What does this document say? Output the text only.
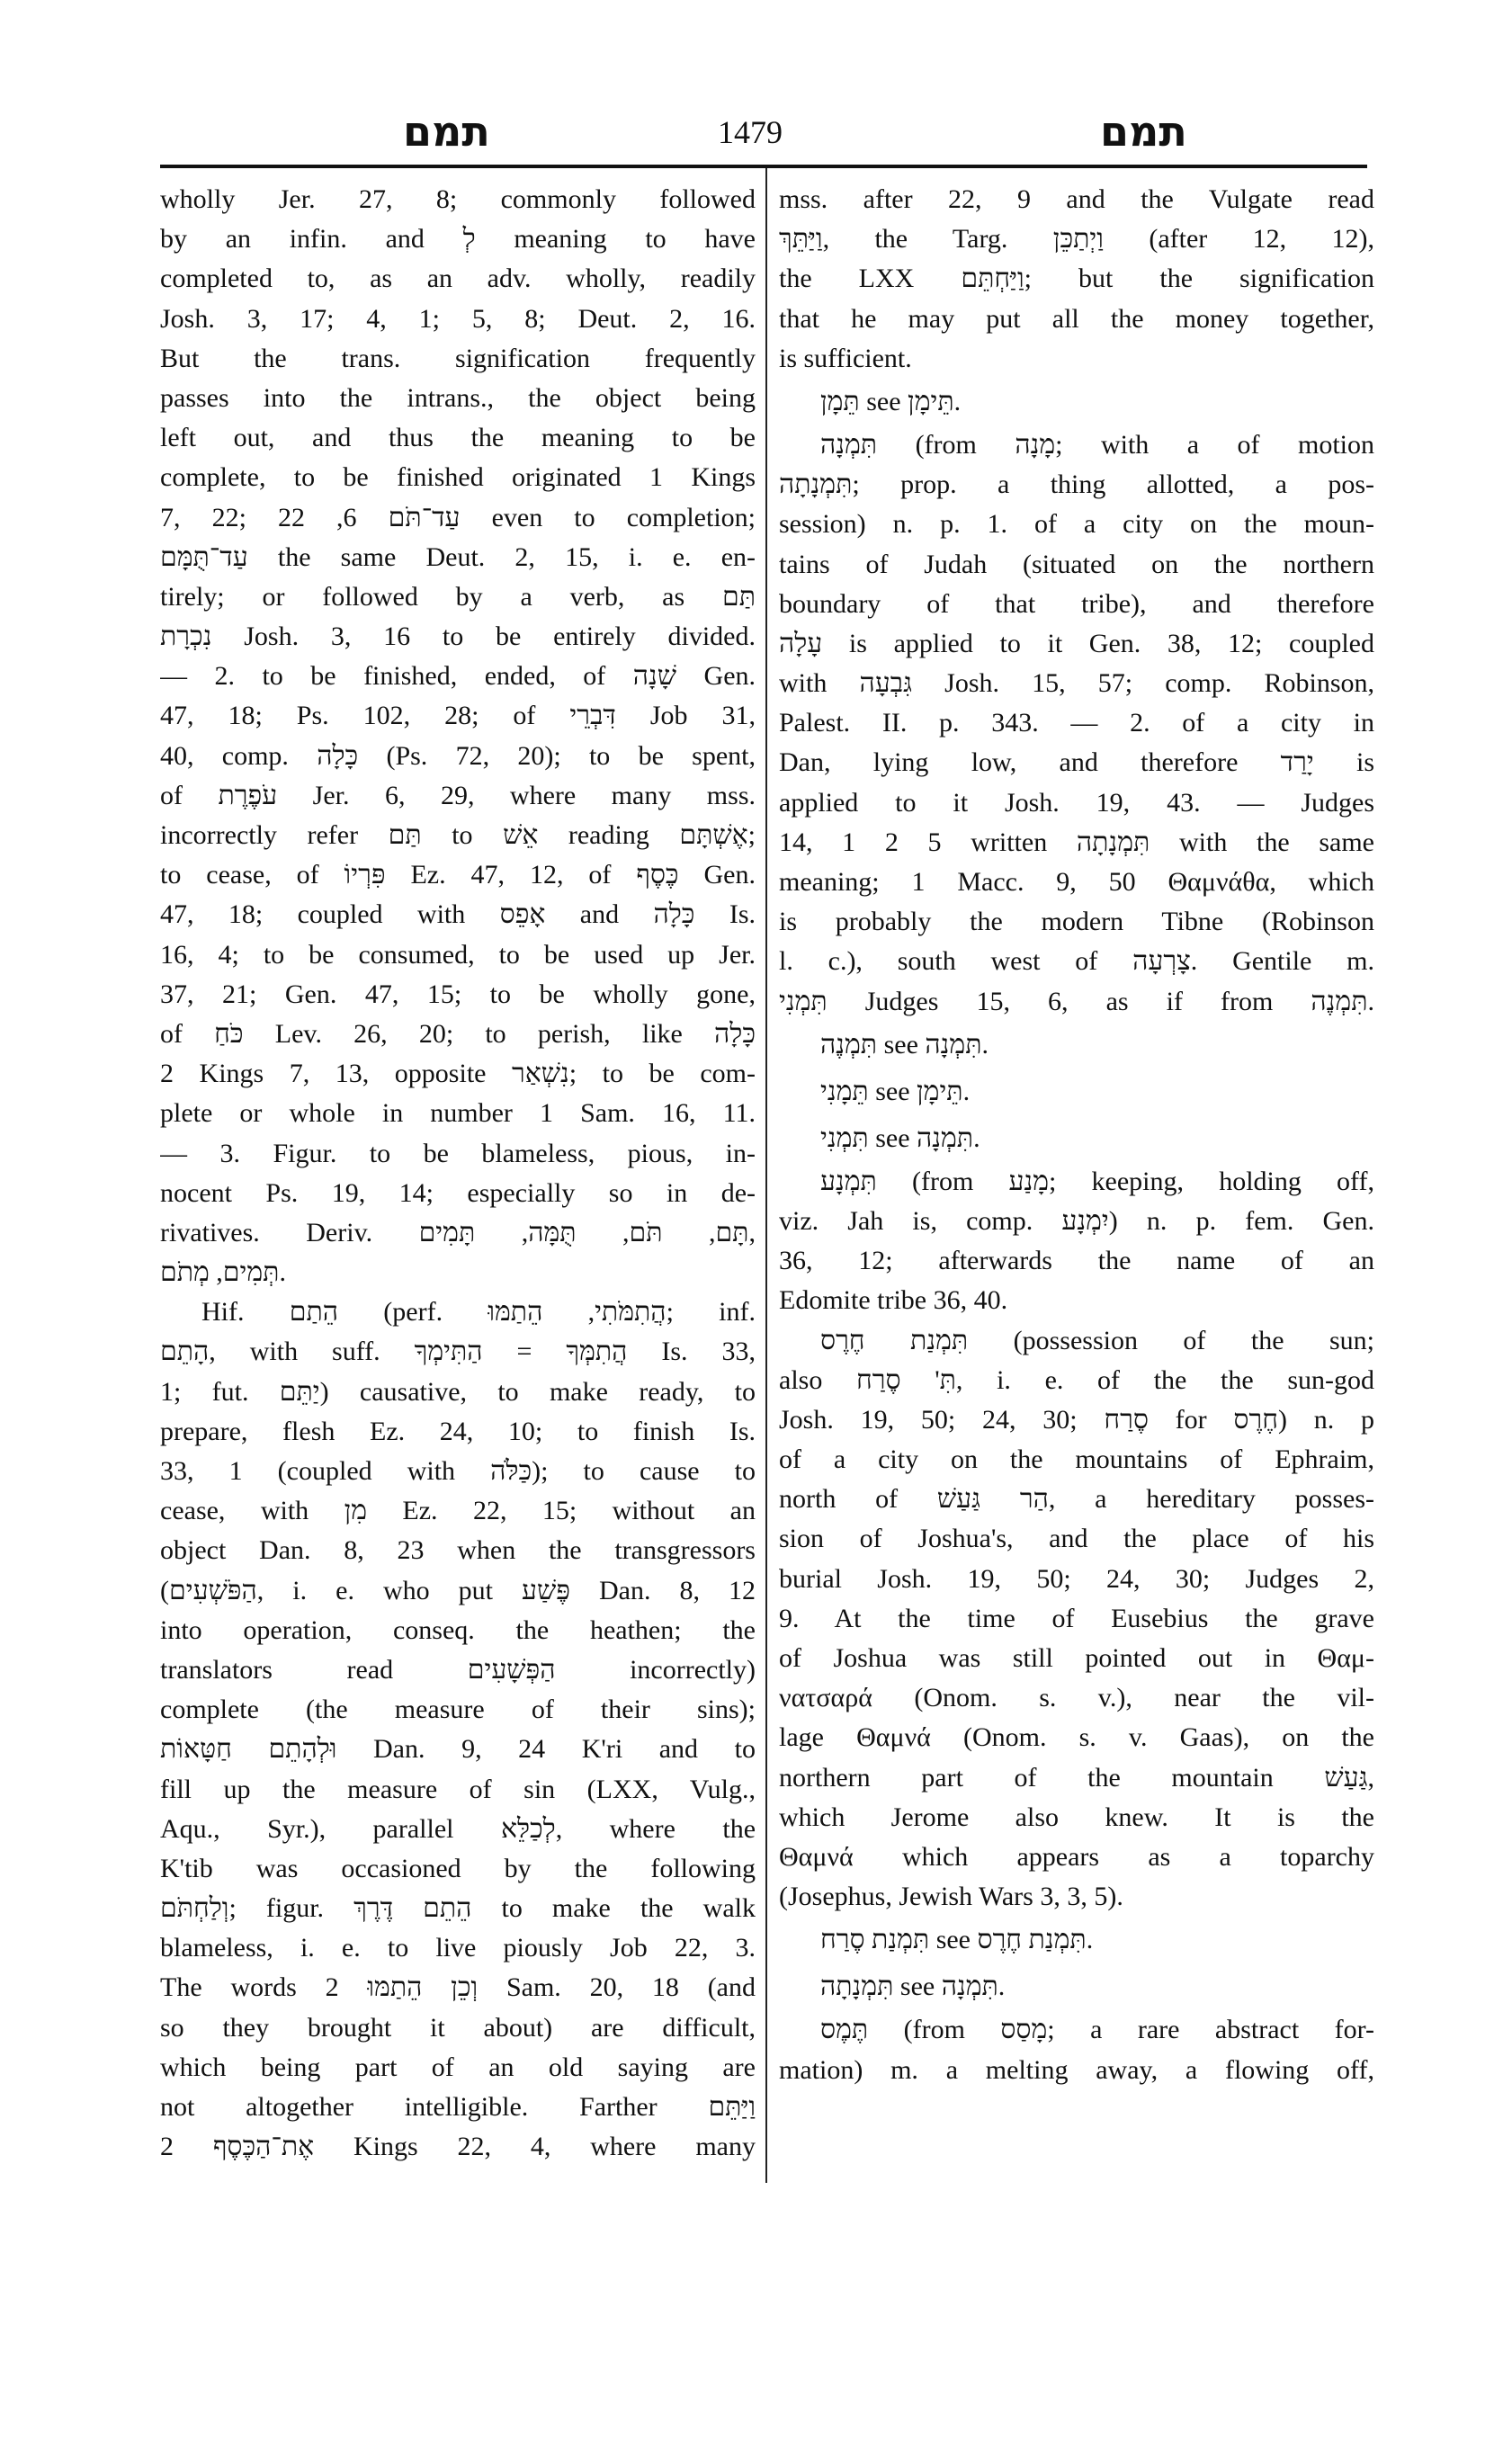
תמם	1479	תמם
wholly Jer. 27, 8; commonly followed
by an infin. and לְ meaning to have
completed to, as an adv. wholly, readily
Josh. 3, 17; 4, 1; 5, 8; Deut. 2, 16.
But the trans. signification frequently
passes into the intrans., the object being
left out, and thus the meaning to be
complete, to be finished originated 1 Kings
7, 22; עַד־תֹּם 6, 22 even to completion;
עַד־תֻּמָּם the same Deut. 2, 15, i. e. en-
tirely; or followed by a verb, as תַּם
נִכְרָת Josh. 3, 16 to be entirely divided.
— 2. to be finished, ended, of שָׁנָה Gen.
47, 18; Ps. 102, 28; of דִּבְרֵי Job 31,
40, comp. כָּלָה (Ps. 72, 20); to be spent,
of עֹפֶרֶת Jer. 6, 29, where many mss.
incorrectly refer תַּם to אֵשׁ reading אֶשְׁתָּם;
to cease, of פִּרְיוֹ Ez. 47, 12, of כֶּסֶף Gen.
47, 18; coupled with אָפֵס and כָּלָה Is.
16, 4; to be consumed, to be used up Jer.
37, 21; Gen. 47, 15; to be wholly gone,
of כֹּחַ Lev. 26, 20; to perish, like כָּלָה
2 Kings 7, 13, opposite נִשְׁאַר; to be com-
plete or whole in number 1 Sam. 16, 11.
— 3. Figur. to be blameless, pious, in-
nocent Ps. 19, 14; especially so in de-
rivatives. Deriv. תָּם, תֹּם, תֻּמָּה, תָּמִים,
תְּמִים, מְתֹם.
Hif. הֵתַם (perf. הֲתִמֹּתִי, הֵתַמּוּ; inf.
הָתֵם, with suff. הֲתִמְּךָ = הַתִּימְךָ Is. 33,
1; fut. יַתֵּם) causative, to make ready, to
prepare, flesh Ez. 24, 10; to finish Is.
33, 1 (coupled with כַּלֹּה); to cause to
cease, with מִן Ez. 22, 15; without an
object Dan. 8, 23 when the transgressors
(הַפֹּשְׁעִים, i. e. who put פֶּשַׁע Dan. 8, 12
into operation, conseq. the heathen; the
translators read הַפְּשָׁעִים incorrectly)
complete (the measure of their sins);
וּלְהָתֵם חַטָּאוֹת Dan. 9, 24 K'ri and to
fill up the measure of sin (LXX, Vulg.,
Aqu., Syr.), parallel לְכַלֵּא, where the
K'tib was occasioned by the following
וְלַחְתֹּם; figur. הֵתֵם דֶּרֶךְ to make the walk
blameless, i. e. to live piously Job 22, 3.
The words וְכֵן הֵתַמּוּ 2 Sam. 20, 18 (and
so they brought it about) are difficult,
which being part of an old saying are
not altogether intelligible. Farther וַיַּתֵּם
אֶת־הַכֶּסֶף 2 Kings 22, 4, where many
mss. after 22, 9 and the Vulgate read
וַיַּתֵּךְ, the Targ. וַיְתַכֵּן (after 12, 12),
the LXX וַיַּחְתֵּם; but the signification
that he may put all the money together,
is sufficient.
תֵּמָן see תֵּימָן.
תִּמְנָה (from מָנָה; with a of motion
תִּמְנָתָה; prop. a thing allotted, a pos-
session) n. p. 1. of a city on the moun-
tains of Judah (situated on the northern
boundary of that tribe), and therefore
עָלָה is applied to it Gen. 38, 12; coupled
with גִּבְעָה Josh. 15, 57; comp. Robinson,
Palest. II. p. 343. — 2. of a city in
Dan, lying low, and therefore יָרַד is
applied to it Josh. 19, 43. — Judges
14, 1 2 5 written תִּמְנָתָה with the same
meaning; 1 Macc. 9, 50 Θαμνάθα, which
is probably the modern Tibne (Robinson
l. c.), south west of צָרְעָה. Gentile m.
תִּמְנִי Judges 15, 6, as if from תִּמְנֶה.
תִּמְנֶה see תִּמְנָה.
תֵּמָנִי see תֵּימָן.
תִּמְנִי see תִּמְנָה.
תִּמְנָע (from מָנַע; keeping, holding off,
viz. Jah is, comp. יִמְנָע) n. p. fem. Gen.
36, 12; afterwards the name of an
Edomite tribe 36, 40.
תִּמְנַת חֶרֶס (possession of the sun;
also תִּ' סֶרַח, i. e. of the the sun-god
Josh. 19, 50; 24, 30; סֶרַח for חֶרֶס) n. p
of a city on the mountains of Ephraim,
north of הַר גַּעַשׁ, a hereditary posses-
sion of Joshua's, and the place of his
burial Josh. 19, 50; 24, 30; Judges 2,
9. At the time of Eusebius the grave
of Joshua was still pointed out in Θαμ-
νατσαρά (Onom. s. v.), near the vil-
lage Θαμνά (Onom. s. v. Gaas), on the
northern part of the mountain גַּעַשׁ,
which Jerome also knew. It is the
Θαμνά which appears as a toparchy
(Josephus, Jewish Wars 3, 3, 5).
תִּמְנַת סֶרַח see תִּמְנַת חֶרֶס.
תִּמְנָתָה see תִּמְנָה.
תֶּמֶס (from מָסַס; a rare abstract for-
mation) m. a melting away, a flowing off,
